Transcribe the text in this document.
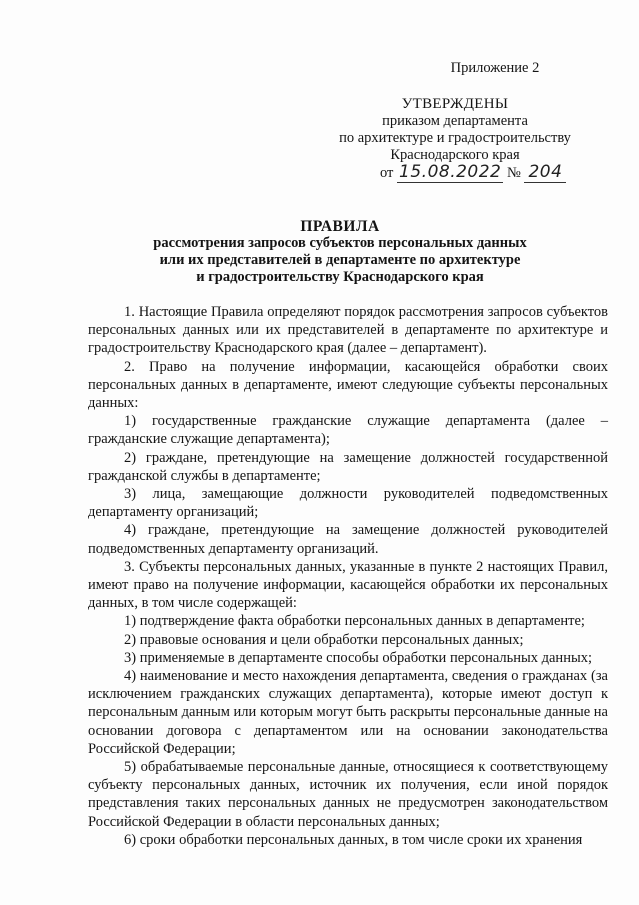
Приложение 2
УТВЕРЖДЕНЫ
приказом департамента
по архитектуре и градостроительству
Краснодарского края
от 15.08.2022 № 204
ПРАВИЛА
рассмотрения запросов субъектов персональных данных
или их представителей в департаменте по архитектуре
и градостроительству Краснодарского края

1. Настоящие Правила определяют порядок рассмотрения запросов субъектов персональных данных или их представителей в департаменте по архитектуре и градостроительству Краснодарского края (далее – департамент).

2. Право на получение информации, касающейся обработки своих персональных данных в департаменте, имеют следующие субъекты персональных данных:

1) государственные гражданские служащие департамента (далее – гражданские служащие департамента);

2) граждане, претендующие на замещение должностей государственной гражданской службы в департаменте;

3) лица, замещающие должности руководителей подведомственных департаменту организаций;

4) граждане, претендующие на замещение должностей руководителей подведомственных департаменту организаций.

3. Субъекты персональных данных, указанные в пункте 2 настоящих Правил, имеют право на получение информации, касающейся обработки их персональных данных, в том числе содержащей:

1) подтверждение факта обработки персональных данных в департаменте;

2) правовые основания и цели обработки персональных данных;

3) применяемые в департаменте способы обработки персональных данных;

4) наименование и место нахождения департамента, сведения о гражданах (за исключением гражданских служащих департамента), которые имеют доступ к персональным данным или которым могут быть раскрыты персональные данные на основании договора с департаментом или на основании законодательства Российской Федерации;

5) обрабатываемые персональные данные, относящиеся к соответствующему субъекту персональных данных, источник их получения, если иной порядок представления таких персональных данных не предусмотрен законодательством Российской Федерации в области персональных данных;

6) сроки обработки персональных данных, в том числе сроки их хранения
